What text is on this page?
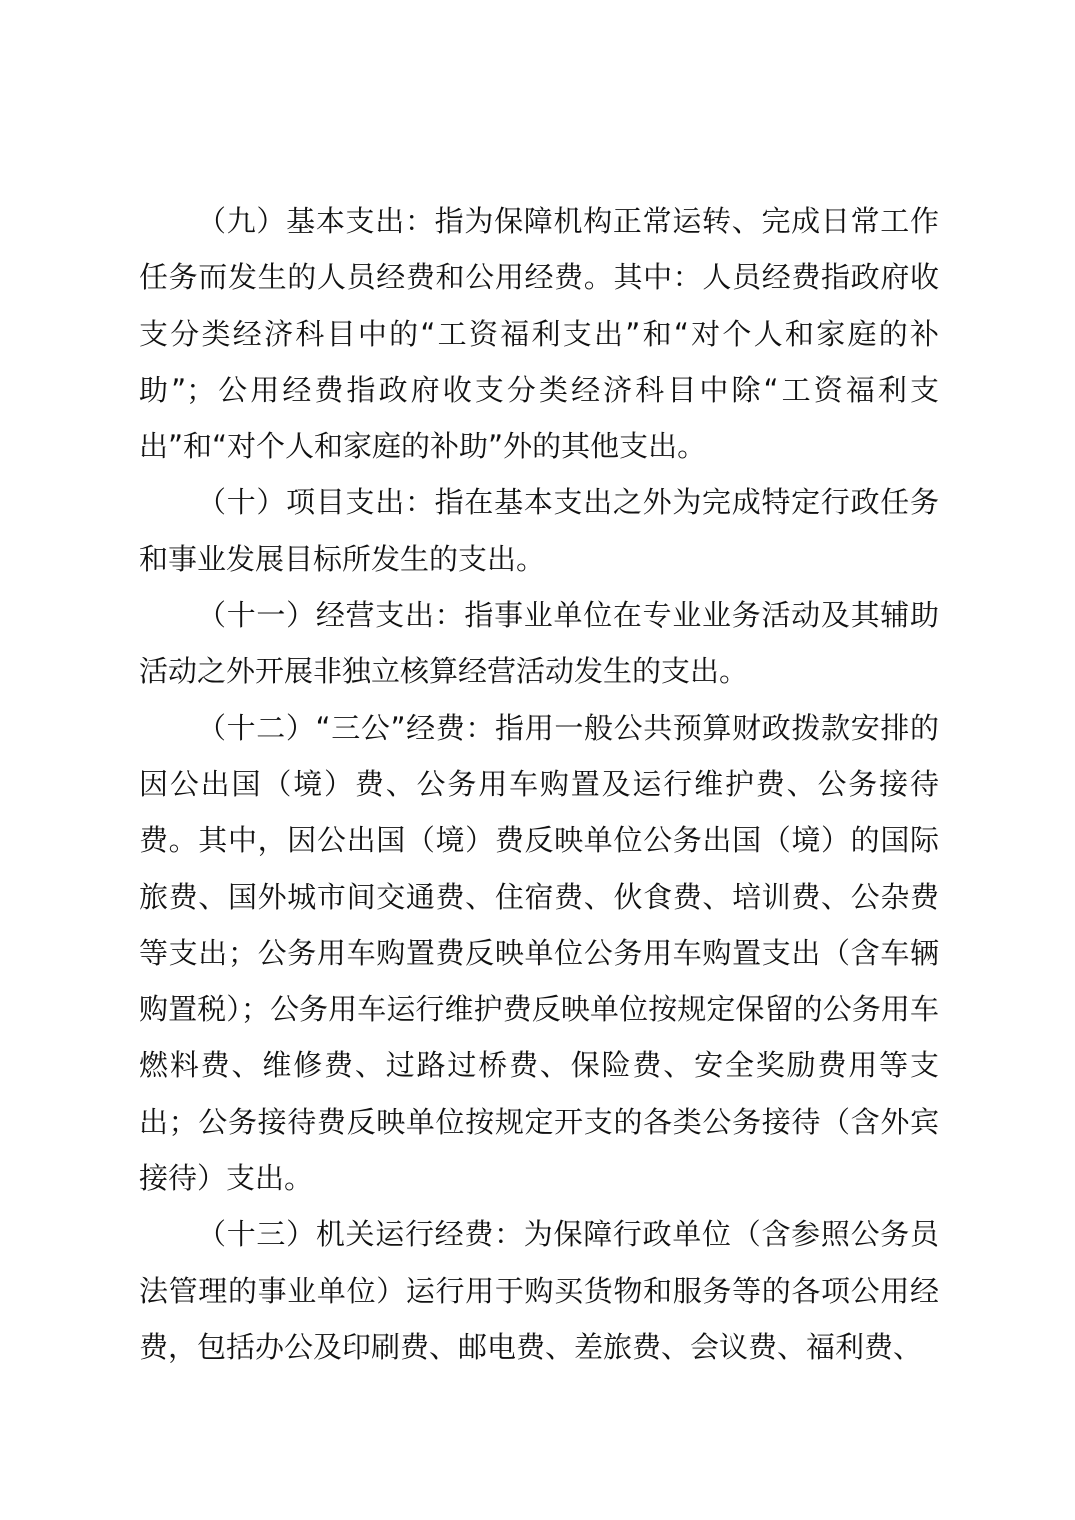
（九）基本支出：指为保障机构正常运转、完成日常工作任务而发生的人员经费和公用经费。其中：人员经费指政府收支分类经济科目中的“工资福利支出”和“对个人和家庭的补助”；公用经费指政府收支分类经济科目中除“工资福利支出”和“对个人和家庭的补助”外的其他支出。

（十）项目支出：指在基本支出之外为完成特定行政任务和事业发展目标所发生的支出。

（十一）经营支出：指事业单位在专业业务活动及其辅助活动之外开展非独立核算经营活动发生的支出。

（十二）“三公”经费：指用一般公共预算财政拨款安排的因公出国（境）费、公务用车购置及运行维护费、公务接待费。其中，因公出国（境）费反映单位公务出国（境）的国际旅费、国外城市间交通费、住宿费、伙食费、培训费、公杂费等支出；公务用车购置费反映单位公务用车购置支出（含车辆购置税）；公务用车运行维护费反映单位按规定保留的公务用车燃料费、维修费、过路过桥费、保险费、安全奖励费用等支出；公务接待费反映单位按规定开支的各类公务接待（含外宾接待）支出。

（十三）机关运行经费：为保障行政单位（含参照公务员法管理的事业单位）运行用于购买货物和服务等的各项公用经费，包括办公及印刷费、邮电费、差旅费、会议费、福利费、
